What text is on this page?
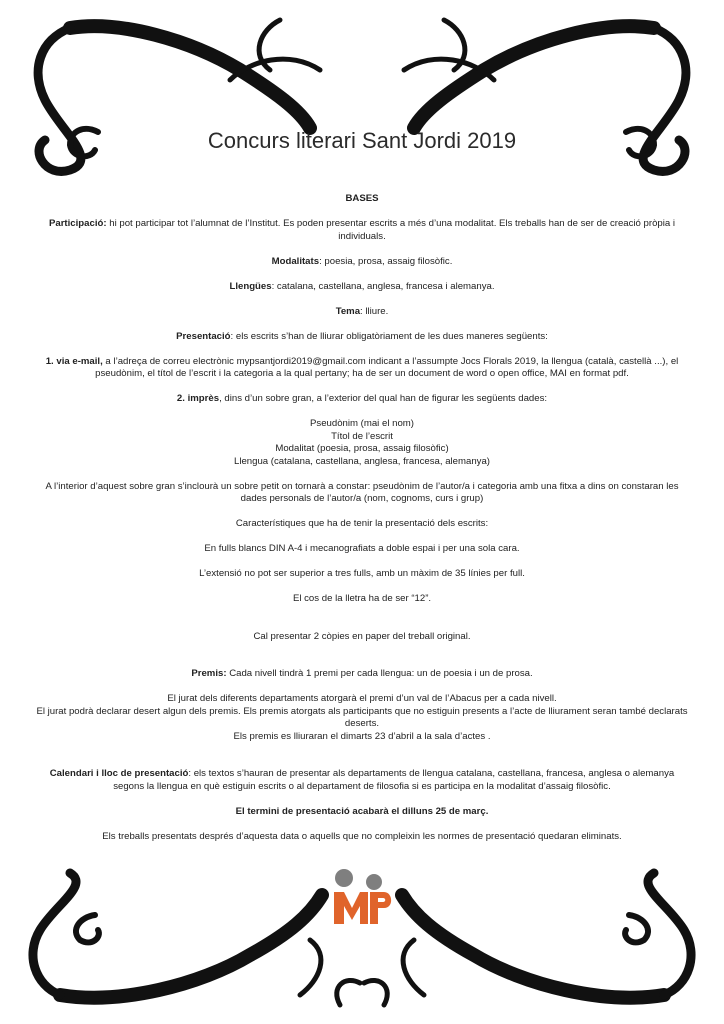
Concurs literari Sant Jordi 2019

BASES

Participació: hi pot participar tot l’alumnat de l’Institut. Es poden presentar escrits a més d’una modalitat. Els treballs han de ser de creació pròpia i individuals.

Modalitats: poesia, prosa, assaig filosòfic.

Llengües: catalana, castellana, anglesa, francesa i alemanya.

Tema: lliure.

Presentació: els escrits s’han de lliurar obligatòriament de les dues maneres següents:

1. via e-mail, a l’adreça de correu electrònic mypsantjordi2019@gmail.com indicant a l’assumpte Jocs Florals 2019, la llengua (català, castellà ...), el pseudònim, el títol de l’escrit i la categoria a la qual pertany; ha de ser un document de word o open office, MAI en format pdf.

2. imprès, dins d’un sobre gran, a l’exterior del qual han de figurar les següents dades:

Pseudònim (mai el nom)

Títol de l’escrit

Modalitat (poesia, prosa, assaig filosòfic)

Llengua (catalana, castellana, anglesa, francesa, alemanya)

A l’interior d’aquest sobre gran s’inclourà un sobre petit on tornarà a constar: pseudònim de l’autor/a i categoria amb una fitxa a dins on constaran les dades personals de l’autor/a (nom, cognoms, curs i grup)

Característiques que ha de tenir la presentació dels escrits:

En fulls blancs DIN A-4 i mecanografiats a doble espai i per una sola cara.

L’extensió no pot ser superior a tres fulls, amb un màxim de 35 línies per full.

El cos de la lletra ha de ser “12”.

Cal presentar 2 còpies en paper del treball original.

Premis: Cada nivell tindrà 1 premi per cada llengua: un de poesia i un de prosa.

El jurat dels diferents departaments atorgarà el premi d’un val de l’Abacus per a cada nivell.

El jurat podrà declarar desert algun dels premis. Els premis atorgats als participants que no estiguin presents a l’acte de lliurament seran també declarats deserts.

Els premis es lliuraran el dimarts 23 d’abril a la sala d’actes .

Calendari i lloc de presentació: els textos s’hauran de presentar als departaments de llengua catalana, castellana, francesa, anglesa o alemanya segons la llengua en què estiguin escrits o al departament de filosofia si es participa en la modalitat d’assaig filosòfic.

El termini de presentació acabarà el dilluns 25 de març.

Els treballs presentats després d’aquesta data o aquells que no compleixin les normes de presentació quedaran eliminats.
